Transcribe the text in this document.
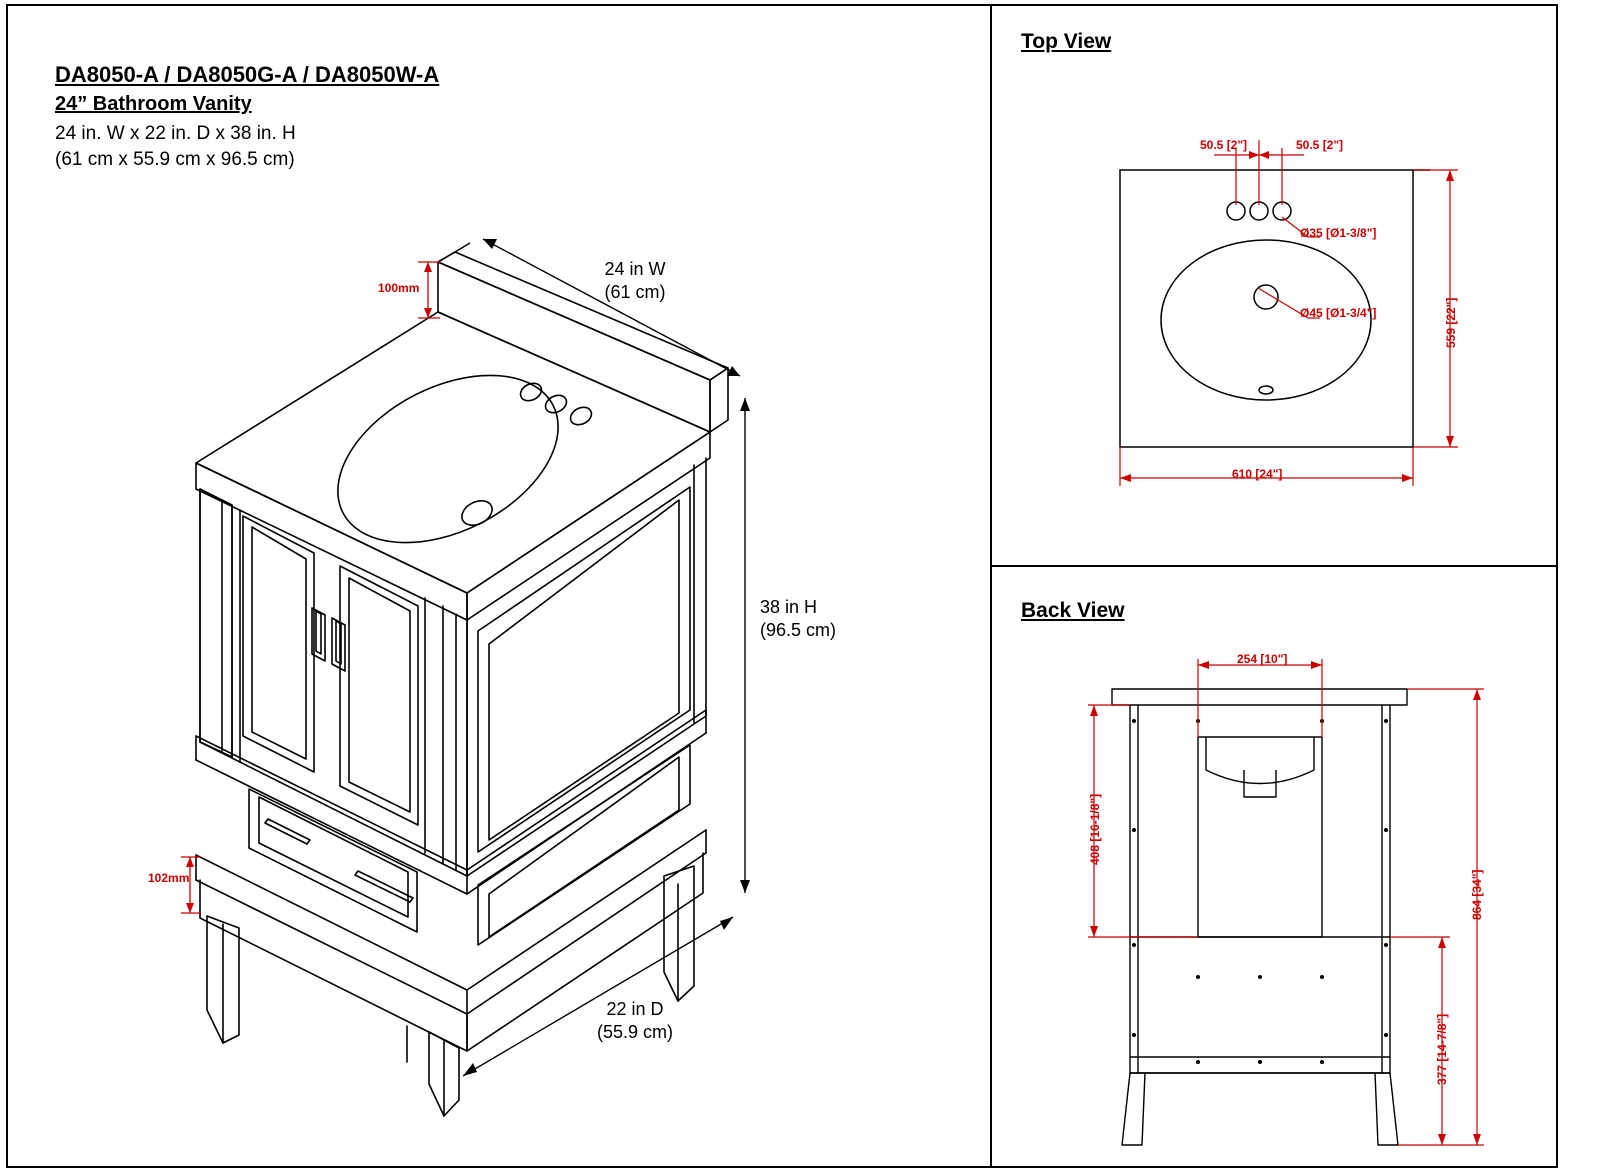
DA8050-A / DA8050G-A / DA8050W-A
24” Bathroom Vanity
24 in. W x 22 in. D x 38 in. H
(61 cm x 55.9 cm x 96.5 cm)
Top View
Back View
24 in W
(61 cm)
38 in H
(96.5 cm)
22 in D
(55.9 cm)
100mm
102mm
50.5 [2"]	50.5 [2"]
Ø35 [Ø1-3/8"]
Ø45 [Ø1-3/4"]	559 [22"]
610 [24"]
254 [10"]
408 [16-1/8"]
864 [34"]
377 [14-7/8"]
